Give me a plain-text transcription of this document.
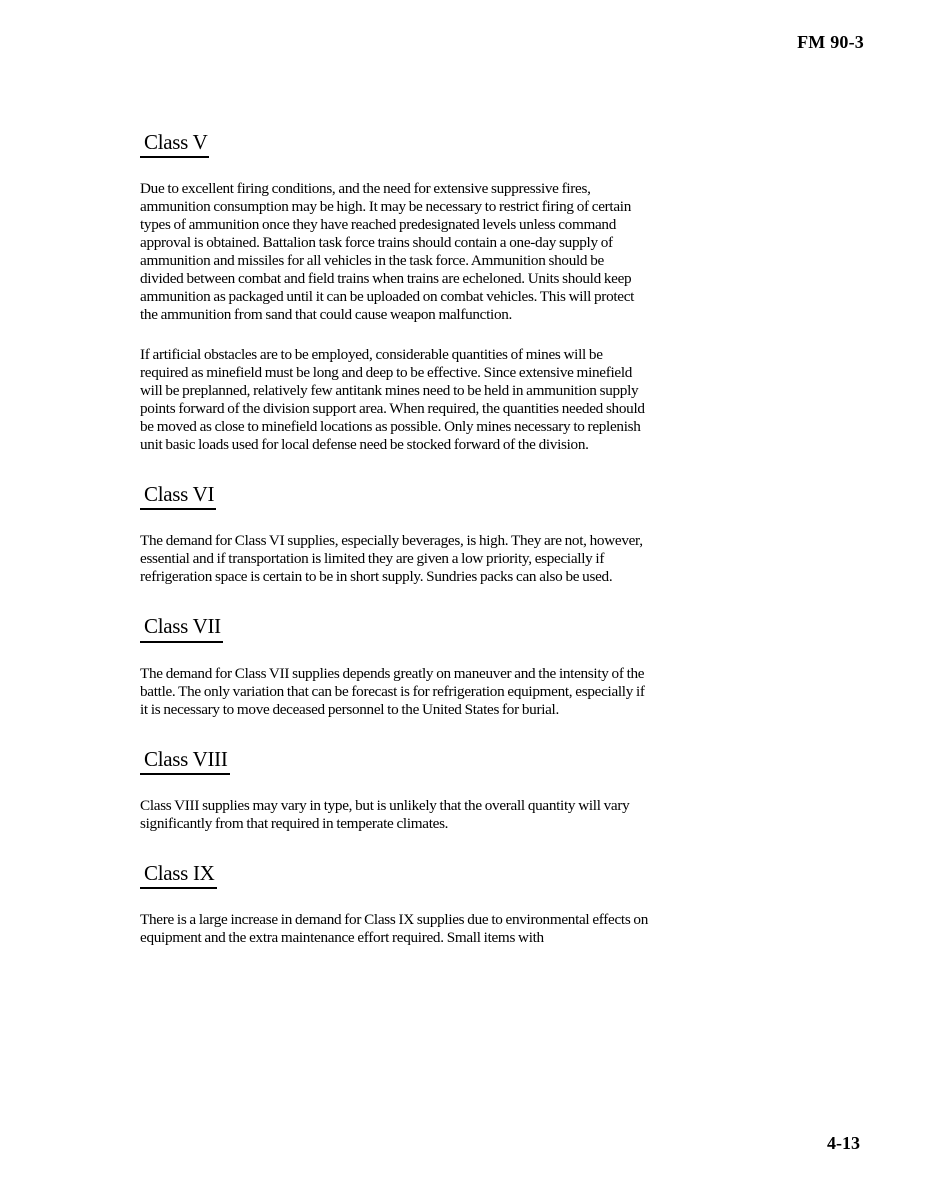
FM 90-3
Class V

Due to excellent firing conditions, and the need for extensive suppressive fires, ammunition consumption may be high. It may be necessary to restrict firing of certain types of ammunition once they have reached predesignated levels unless command approval is obtained. Battalion task force trains should contain a one-day supply of ammunition and missiles for all vehicles in the task force. Ammunition should be divided between combat and field trains when trains are echeloned. Units should keep ammunition as packaged until it can be uploaded on combat vehicles. This will protect the ammunition from sand that could cause weapon malfunction.

If artificial obstacles are to be employed, considerable quantities of mines will be required as minefield must be long and deep to be effective. Since extensive minefield will be preplanned, relatively few antitank mines need to be held in ammunition supply points forward of the division support area. When required, the quantities needed should be moved as close to minefield locations as possible. Only mines necessary to replenish unit basic loads used for local defense need be stocked forward of the division.

Class VI

The demand for Class VI supplies, especially beverages, is high. They are not, however, essential and if transportation is limited they are given a low priority, especially if refrigeration space is certain to be in short supply. Sundries packs can also be used.

Class VII

The demand for Class VII supplies depends greatly on maneuver and the intensity of the battle. The only variation that can be forecast is for refrigeration equipment, especially if it is necessary to move deceased personnel to the United States for burial.

Class VIII

Class VIII supplies may vary in type, but is unlikely that the overall quantity will vary significantly from that required in temperate climates.

Class IX

There is a large increase in demand for Class IX supplies due to environmental effects on equipment and the extra maintenance effort required. Small items with

4-13
